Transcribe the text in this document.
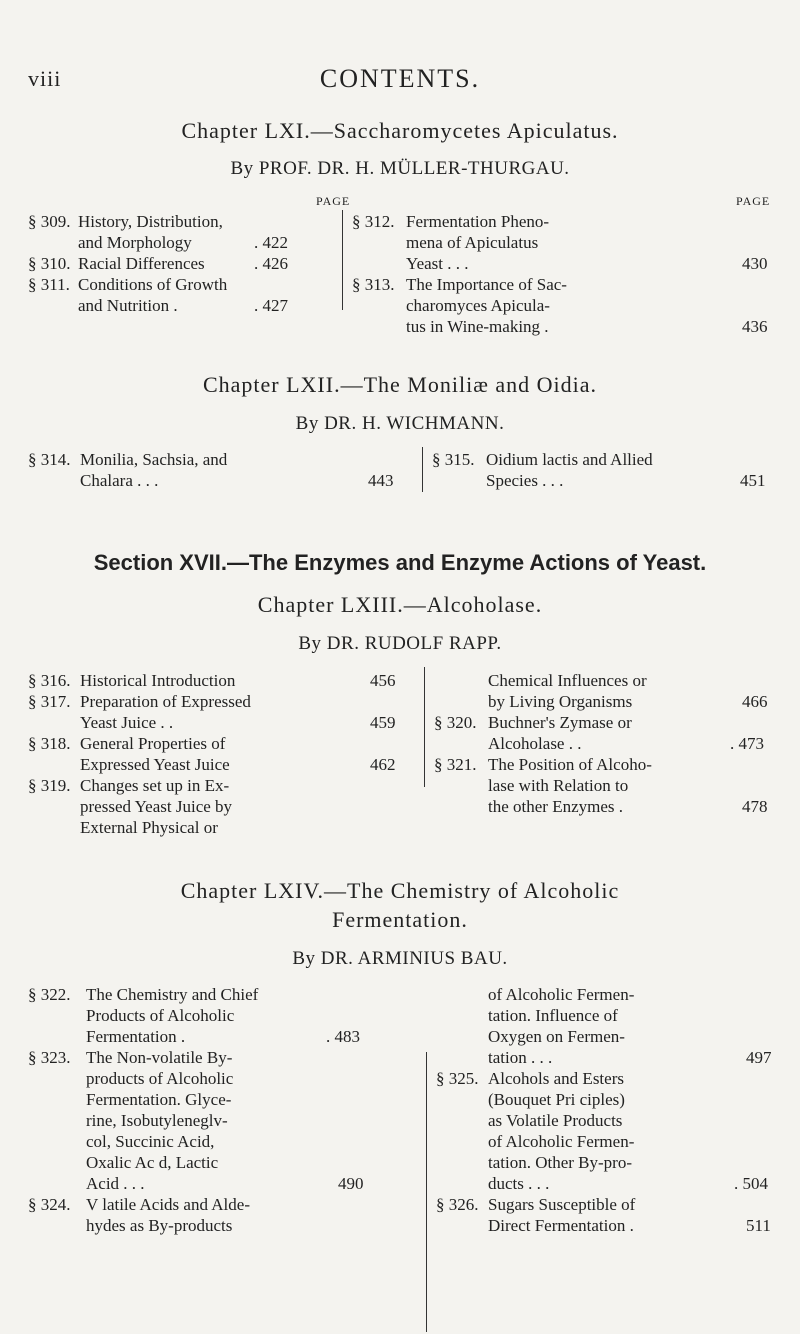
viii	CONTENTS.
Chapter LXI.—Saccharomycetes Apiculatus.
By PROF. DR. H. MÜLLER-THURGAU.
PAGE	PAGE
§ 309. History, Distribution,
and Morphology	. 422
§ 310. Racial Differences	. 426
§ 311. Conditions of Growth
and Nutrition .	. 427
§ 312. Fermentation Pheno-
mena of Apiculatus
Yeast . . .	430
§ 313. The Importance of Sac-
charomyces Apicula-
tus in Wine-making .	436
Chapter LXII.—The Moniliæ and Oidia.
By DR. H. WICHMANN.
§ 314. Monilia, Sachsia, and
Chalara . . .	443
§ 315. Oidium lactis and Allied
Species . . .	451
Section XVII.—The Enzymes and Enzyme Actions of Yeast.
Chapter LXIII.—Alcoholase.
By DR. RUDOLF RAPP.
§ 316. Historical Introduction	456
§ 317. Preparation of Expressed
Yeast Juice . .	459
§ 318. General Properties of
Expressed Yeast Juice	462
§ 319. Changes set up in Ex-
pressed Yeast Juice by
External Physical or
Chemical Influences or
by Living Organisms	466
§ 320. Buchner's Zymase or
Alcoholase . .	. 473
§ 321. The Position of Alcoho-
lase with Relation to
the other Enzymes .	478
Chapter LXIV.—The Chemistry of Alcoholic
Fermentation.
By DR. ARMINIUS BAU.
§ 322. The Chemistry and Chief
Products of Alcoholic
Fermentation .	. 483
§ 323. The Non-volatile By-
products of Alcoholic
Fermentation. Glyce-
rine, Isobutyleneglv-
col, Succinic Acid,
Oxalic Ac d, Lactic
Acid . . .	490
§ 324. V latile Acids and Alde-
hydes as By-products
of Alcoholic Fermen-
tation. Influence of
Oxygen on Fermen-
tation . . .	497
§ 325. Alcohols and Esters
(Bouquet Pri ciples)
as Volatile Products
of Alcoholic Fermen-
tation. Other By-pro-
ducts . . .	. 504
§ 326. Sugars Susceptible of
Direct Fermentation .	511
